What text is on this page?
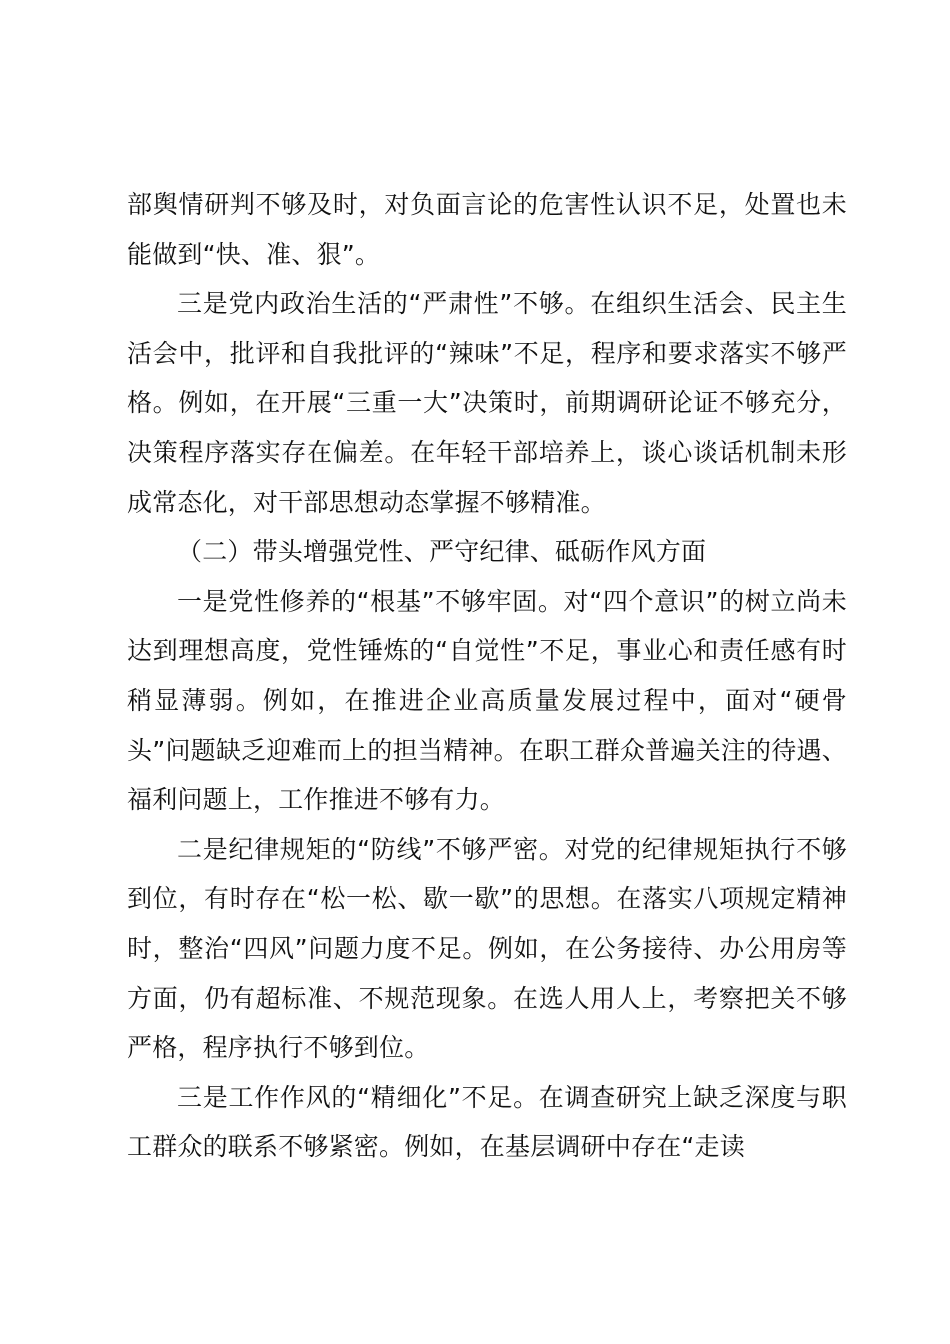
部舆情研判不够及时，对负面言论的危害性认识不足，处置也未能做到“快、准、狠”。

三是党内政治生活的“严肃性”不够。在组织生活会、民主生活会中，批评和自我批评的“辣味”不足，程序和要求落实不够严格。例如，在开展“三重一大”决策时，前期调研论证不够充分，决策程序落实存在偏差。在年轻干部培养上，谈心谈话机制未形成常态化，对干部思想动态掌握不够精准。

（二）带头增强党性、严守纪律、砥砺作风方面

一是党性修养的“根基”不够牢固。对“四个意识”的树立尚未达到理想高度，党性锤炼的“自觉性”不足，事业心和责任感有时稍显薄弱。例如，在推进企业高质量发展过程中，面对“硬骨头”问题缺乏迎难而上的担当精神。在职工群众普遍关注的待遇、福利问题上，工作推进不够有力。

二是纪律规矩的“防线”不够严密。对党的纪律规矩执行不够到位，有时存在“松一松、歇一歇”的思想。在落实八项规定精神时，整治“四风”问题力度不足。例如，在公务接待、办公用房等方面，仍有超标准、不规范现象。在选人用人上，考察把关不够严格，程序执行不够到位。

三是工作作风的“精细化”不足。在调查研究上缺乏深度与职工群众的联系不够紧密。例如，在基层调研中存在“走读
